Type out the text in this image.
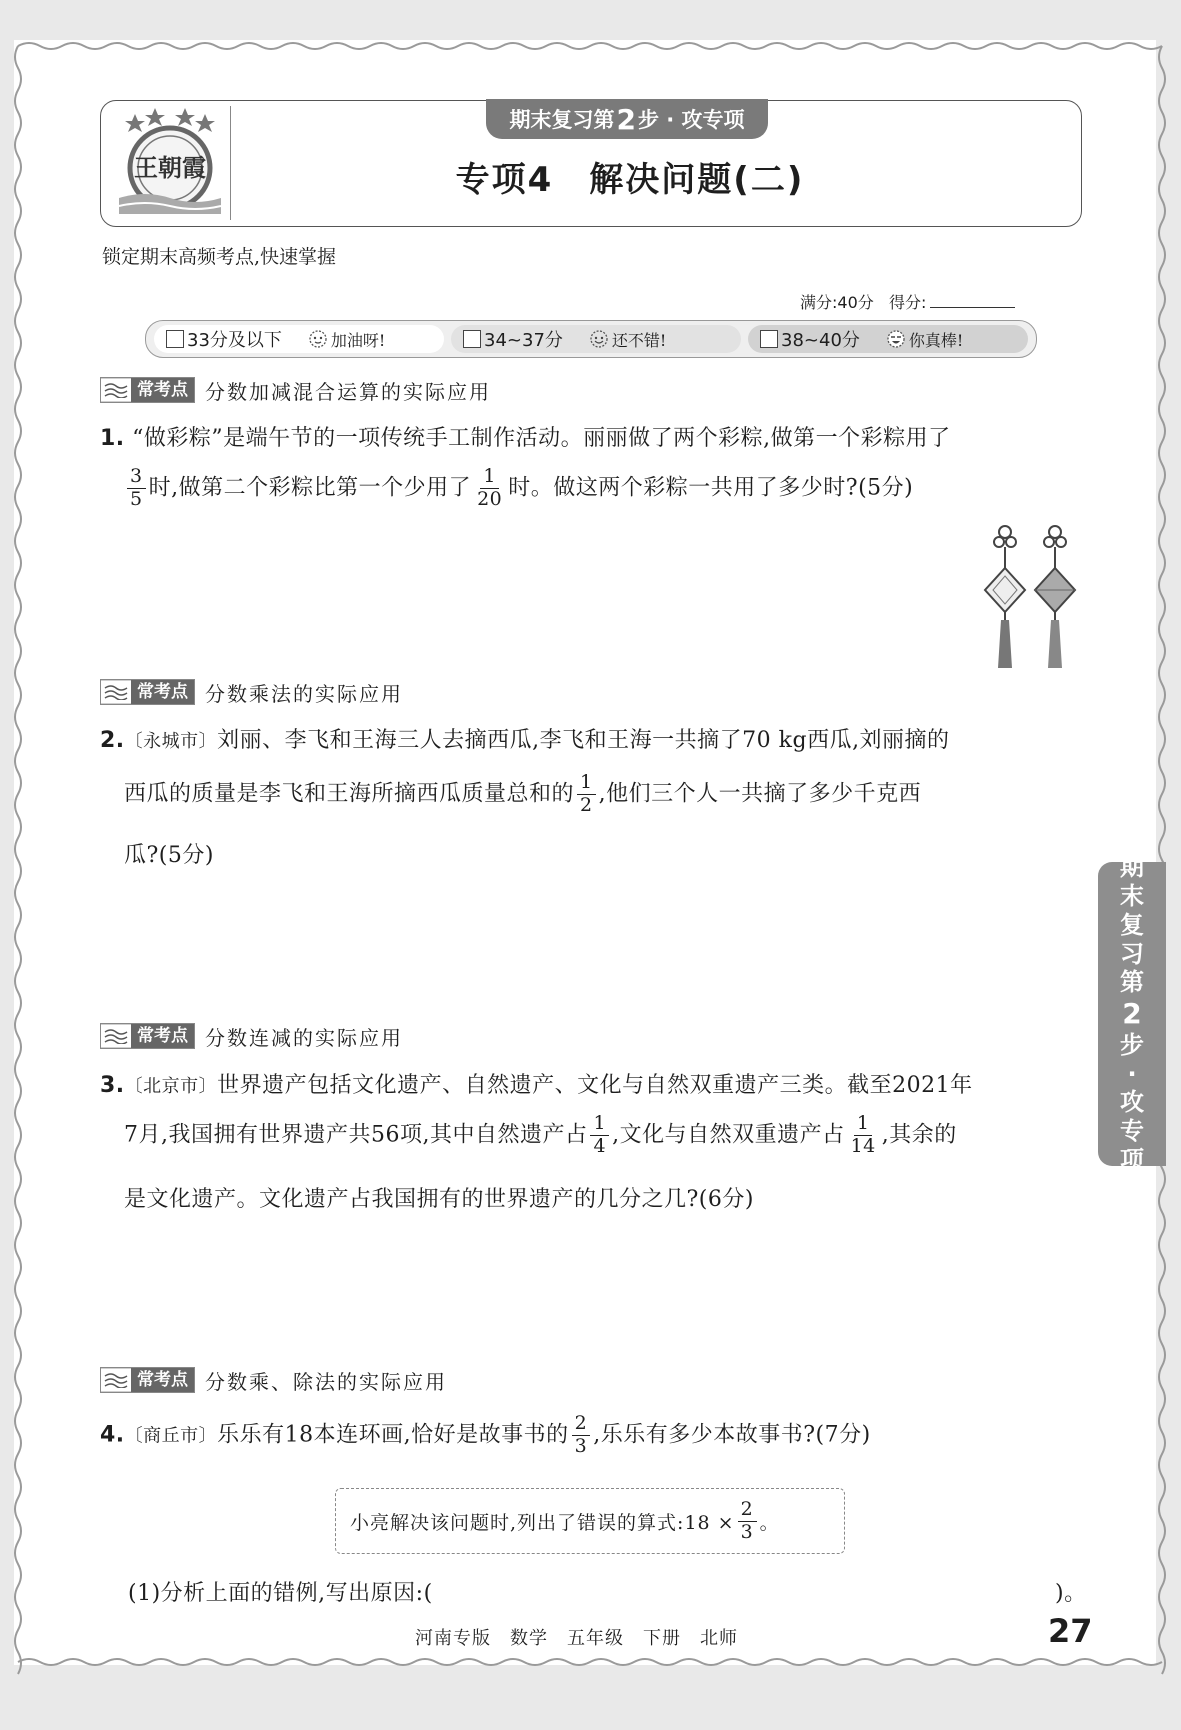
王朝霞
期末复习第 2 步 · 攻专项
专项4　解决问题(二)
锁定期末高频考点,快速掌握
满分:40分 得分:
33分及以下	加油呀!	34~37分	还不错!	38~40分	你真棒!
常考点 分数加减混合运算的实际应用
1. “做彩粽”是端午节的一项传统手工制作活动。丽丽做了两个彩粽,做第一个彩粽用了
$\frac{3}{5}$ 时,做第二个彩粽比第一个少用了 $\frac{1}{20}$ 时。做这两个彩粽一共用了多少时?(5分)
常考点 分数乘法的实际应用
2.〔永城市〕刘丽、李飞和王海三人去摘西瓜,李飞和王海一共摘了70 kg西瓜,刘丽摘的
西瓜的质量是李飞和王海所摘西瓜质量总和的 $\frac{1}{2}$ ,他们三个人一共摘了多少千克西
瓜?(5分)
常考点 分数连减的实际应用
3.〔北京市〕世界遗产包括文化遗产、自然遗产、文化与自然双重遗产三类。截至2021年
7月,我国拥有世界遗产共56项,其中自然遗产占 $\frac{1}{4}$ ,文化与自然双重遗产占 $\frac{1}{14}$ ,其余的
是文化遗产。文化遗产占我国拥有的世界遗产的几分之几?(6分)
常考点 分数乘、除法的实际应用
4.〔商丘市〕乐乐有18本连环画,恰好是故事书的 $\frac{2}{3}$ ,乐乐有多少本故事书?(7分)
小亮解决该问题时,列出了错误的算式:18 × $\frac{2}{3}$ 。
(1)分析上面的错例,写出原因:(	)。
期
末
复
习
第
2
步
·
攻
专
项
河南专版　数学　五年级　下册　北师	27
